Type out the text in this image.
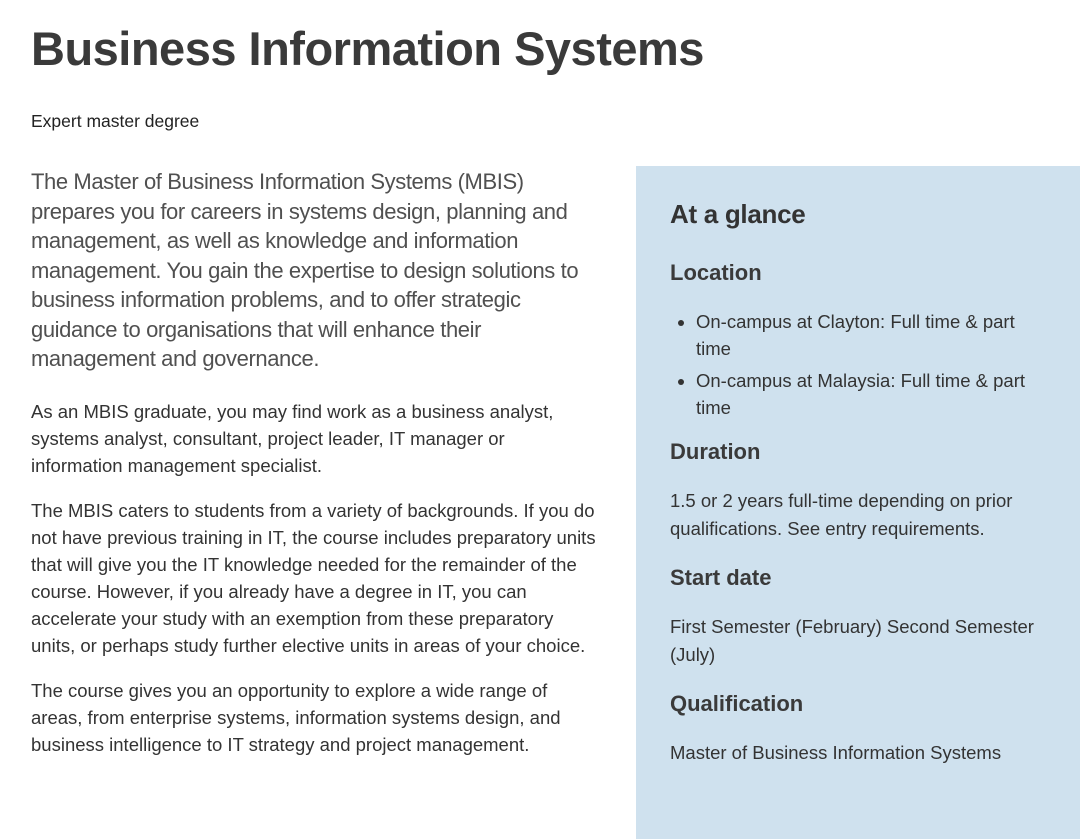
Business Information Systems

Expert master degree

The Master of Business Information Systems (MBIS) prepares you for careers in systems design, planning and management, as well as knowledge and information management. You gain the expertise to design solutions to business information problems, and to offer strategic guidance to organisations that will enhance their management and governance.

As an MBIS graduate, you may find work as a business analyst, systems analyst, consultant, project leader, IT manager or information management specialist.

The MBIS caters to students from a variety of backgrounds. If you do not have previous training in IT, the course includes preparatory units that will give you the IT knowledge needed for the remainder of the course. However, if you already have a degree in IT, you can accelerate your study with an exemption from these preparatory units, or perhaps study further elective units in areas of your choice.

The course gives you an opportunity to explore a wide range of areas, from enterprise systems, information systems design, and business intelligence to IT strategy and project management.

At a glance
Location
• On-campus at Clayton: Full time & part time
• On-campus at Malaysia: Full time & part time
Duration

1.5 or 2 years full-time depending on prior qualifications. See entry requirements.

Start date

First Semester (February) Second Semester (July)

Qualification

Master of Business Information Systems
